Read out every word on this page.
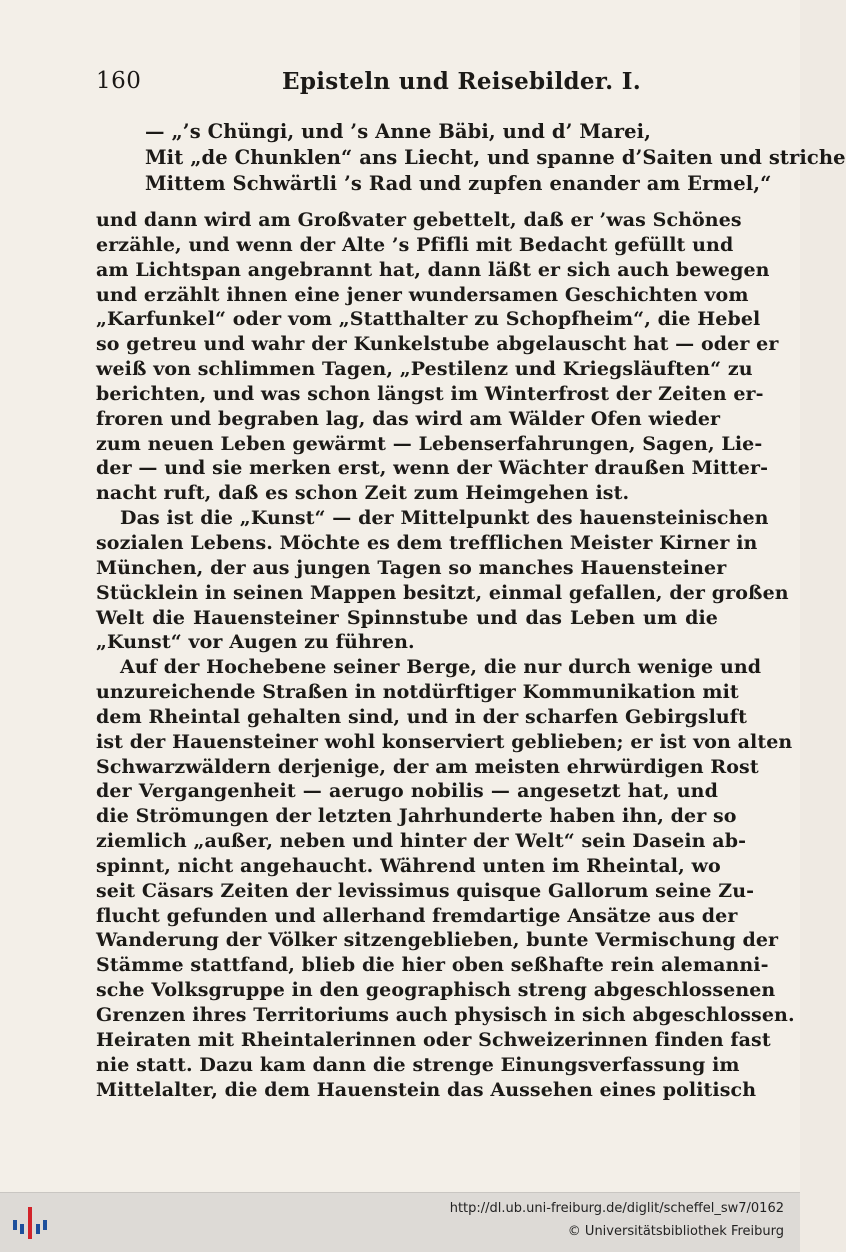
160	Episteln und Reisebilder. I.
— „’s Chüngi, und ’s Anne Bäbi, und d’ Marei,
Mit „de Chunklen“ ans Liecht, und spanne d’Saiten und striche
Mittem Schwärtli ’s Rad und zupfen enander am Ermel,“
und dann wird am Großvater gebettelt, daß er ’was Schönes
erzähle, und wenn der Alte ’s Pfifli mit Bedacht gefüllt und
am Lichtspan angebrannt hat, dann läßt er sich auch bewegen
und erzählt ihnen eine jener wundersamen Geschichten vom
„Karfunkel“ oder vom „Statthalter zu Schopfheim“, die Hebel
so getreu und wahr der Kunkelstube abgelauscht hat — oder er
weiß von schlimmen Tagen, „Pestilenz und Kriegsläuften“ zu
berichten, und was schon längst im Winterfrost der Zeiten er-
froren und begraben lag, das wird am Wälder Ofen wieder
zum neuen Leben gewärmt — Lebenserfahrungen, Sagen, Lie-
der — und sie merken erst, wenn der Wächter draußen Mitter-
nacht ruft, daß es schon Zeit zum Heimgehen ist.
Das ist die „Kunst“ — der Mittelpunkt des hauensteinischen
sozialen Lebens. Möchte es dem trefflichen Meister Kirner in
München, der aus jungen Tagen so manches Hauensteiner
Stücklein in seinen Mappen besitzt, einmal gefallen, der großen
Welt die Hauensteiner Spinnstube und das Leben um die
„Kunst“ vor Augen zu führen.
Auf der Hochebene seiner Berge, die nur durch wenige und
unzureichende Straßen in notdürftiger Kommunikation mit
dem Rheintal gehalten sind, und in der scharfen Gebirgsluft
ist der Hauensteiner wohl konserviert geblieben; er ist von alten
Schwarzwäldern derjenige, der am meisten ehrwürdigen Rost
der Vergangenheit — aerugo nobilis — angesetzt hat, und
die Strömungen der letzten Jahrhunderte haben ihn, der so
ziemlich „außer, neben und hinter der Welt“ sein Dasein ab-
spinnt, nicht angehaucht. Während unten im Rheintal, wo
seit Cäsars Zeiten der levissimus quisque Gallorum seine Zu-
flucht gefunden und allerhand fremdartige Ansätze aus der
Wanderung der Völker sitzengeblieben, bunte Vermischung der
Stämme stattfand, blieb die hier oben seßhafte rein alemanni-
sche Volksgruppe in den geographisch streng abgeschlossenen
Grenzen ihres Territoriums auch physisch in sich abgeschlossen.
Heiraten mit Rheintalerinnen oder Schweizerinnen finden fast
nie statt. Dazu kam dann die strenge Einungsverfassung im
Mittelalter, die dem Hauenstein das Aussehen eines politisch
http://dl.ub.uni-freiburg.de/diglit/scheffel_sw7/0162
© Universitätsbibliothek Freiburg
